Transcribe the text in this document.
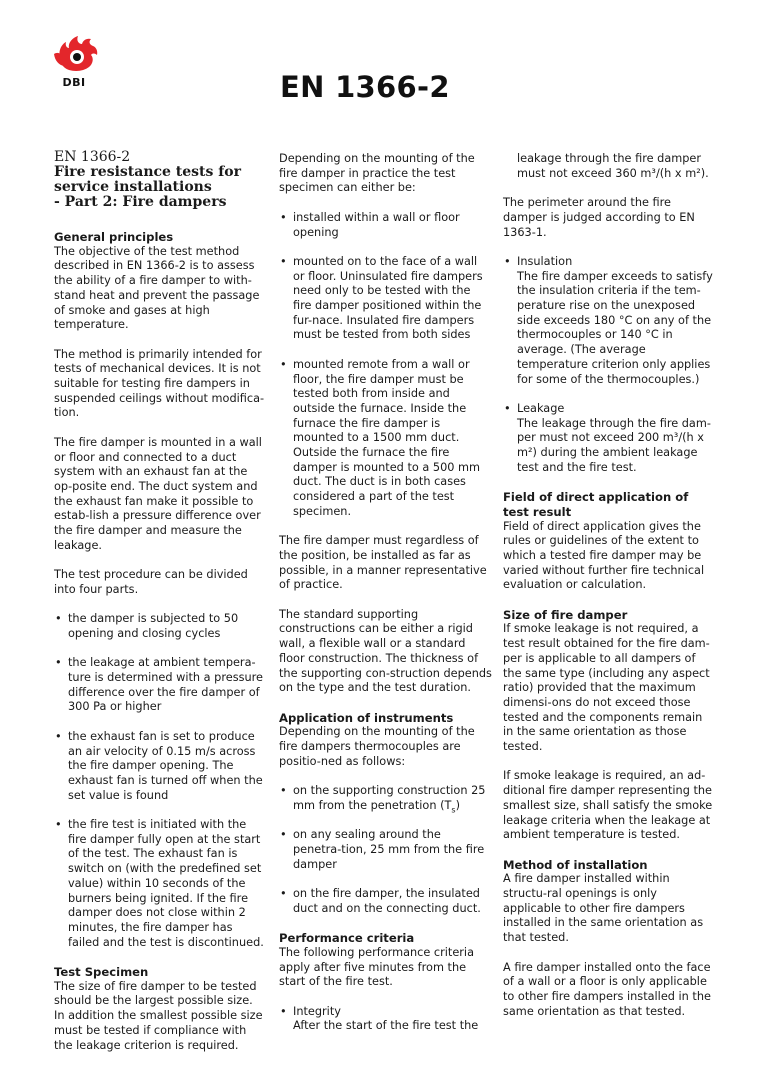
DBI	EN 1366-2
EN 1366-2
Fire resistance tests for
service installations
- Part 2: Fire dampers
General principles

The objective of the test method described in EN 1366-2 is to assess the ability of a fire damper to with-stand heat and prevent the passage of smoke and gases at high temperature.

The method is primarily intended for tests of mechanical devices. It is not suitable for testing fire dampers in suspended ceilings without modifica-tion.

The fire damper is mounted in a wall or floor and connected to a duct system with an exhaust fan at the op-posite end. The duct system and the exhaust fan make it possible to estab-lish a pressure difference over the fire damper and measure the leakage.

The test procedure can be divided into four parts.

• the damper is subjected to 50 opening and closing cycles
• the leakage at ambient tempera-ture is determined with a pressure difference over the fire damper of 300 Pa or higher
• the exhaust fan is set to produce an air velocity of 0.15 m/s across the fire damper opening. The exhaust fan is turned off when the set value is found
• the fire test is initiated with the fire damper fully open at the start of the test. The exhaust fan is switch on (with the predefined set value) within 10 seconds of the burners being ignited. If the fire damper does not close within 2 minutes, the fire damper has failed and the test is discontinued.
Test Specimen

The size of fire damper to be tested should be the largest possible size. In addition the smallest possible size must be tested if compliance with the leakage criterion is required.

Depending on the mounting of the fire damper in practice the test specimen can either be:

• installed within a wall or floor opening
• mounted on to the face of a wall or floor. Uninsulated fire dampers need only to be tested with the fire damper positioned within the fur-nace. Insulated fire dampers must be tested from both sides
• mounted remote from a wall or floor, the fire damper must be tested both from inside and outside the furnace. Inside the furnace the fire damper is mounted to a 1500 mm duct. Outside the furnace the fire damper is mounted to a 500 mm duct. The duct is in both cases considered a part of the test specimen.

The fire damper must regardless of the position, be installed as far as possible, in a manner representative of practice.

The standard supporting constructions can be either a rigid wall, a flexible wall or a standard floor construction. The thickness of the supporting con-struction depends on the type and the test duration.

Application of instruments

Depending on the mounting of the fire dampers thermocouples are positio-ned as follows:

• on the supporting construction 25 mm from the penetration $(T_s)$
• on any sealing around the penetra-tion, 25 mm from the fire damper
• on the fire damper, the insulated duct and on the connecting duct.
Performance criteria

The following performance criteria apply after five minutes from the start of the fire test.

• Integrity
After the start of the fire test the

leakage through the fire damper must not exceed 360 m³/(h x m²).

The perimeter around the fire damper is judged according to EN 1363-1.

• Insulation
The fire damper exceeds to satisfy the insulation criteria if the tem-perature rise on the unexposed side exceeds 180 °C on any of the thermocouples or 140 °C in average. (The average temperature criterion only applies for some of the thermocouples.)
• Leakage
The leakage through the fire dam-per must not exceed 200 m³/(h x m²) during the ambient leakage test and the fire test.
Field of direct application of test result

Field of direct application gives the rules or guidelines of the extent to which a tested fire damper may be varied without further fire technical evaluation or calculation.

Size of fire damper

If smoke leakage is not required, a test result obtained for the fire dam-per is applicable to all dampers of the same type (including any aspect ratio) provided that the maximum dimensi-ons do not exceed those tested and the components remain in the same orientation as those tested.

If smoke leakage is required, an ad-ditional fire damper representing the smallest size, shall satisfy the smoke leakage criteria when the leakage at ambient temperature is tested.

Method of installation

A fire damper installed within structu-ral openings is only applicable to other fire dampers installed in the same orientation as that tested.

A fire damper installed onto the face of a wall or a floor is only applicable to other fire dampers installed in the same orientation as that tested.
